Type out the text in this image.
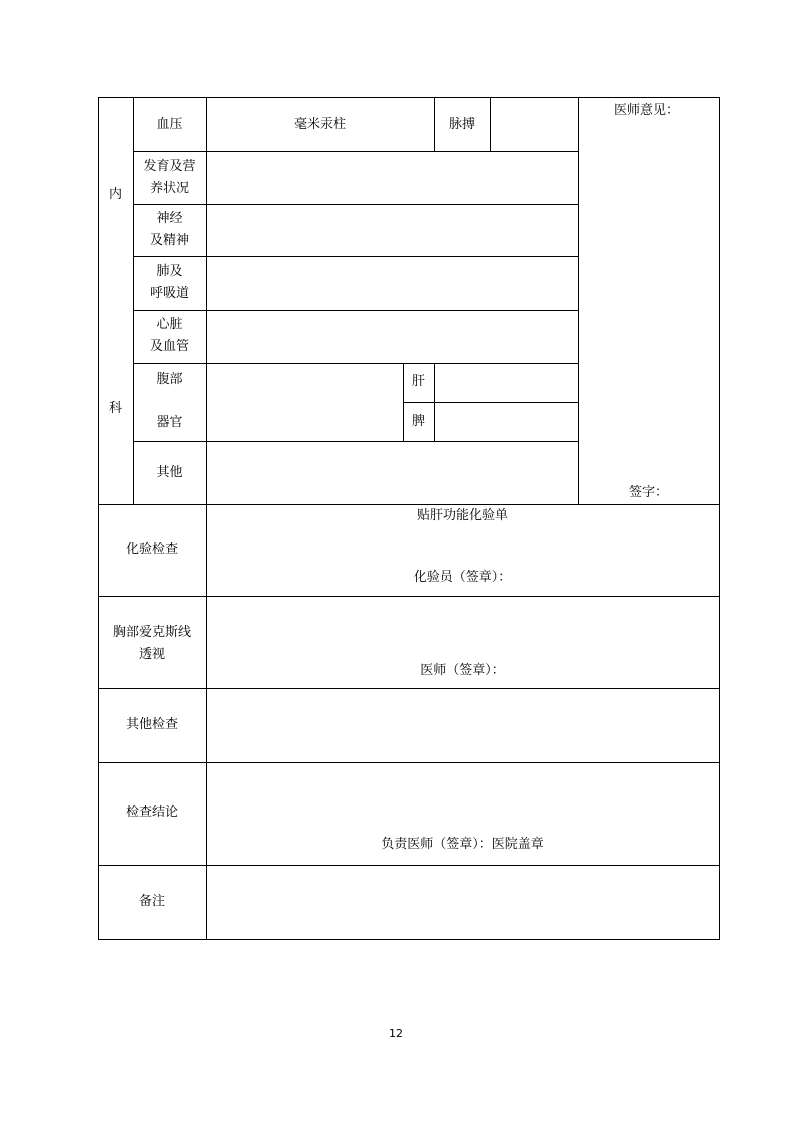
内
科
血压	毫米汞柱	脉搏
医师意见：
签字：
发育及营
养状况
神经
及精神
肺及
呼吸道
心脏
及血管
腹部
器官
肝
脾
其他
化验检查
贴肝功能化验单
化验员（签章）：
胸部爱克斯线
透视
医师（签章）：
其他检查
检查结论
负责医师（签章）：医院盖章
备注
12
